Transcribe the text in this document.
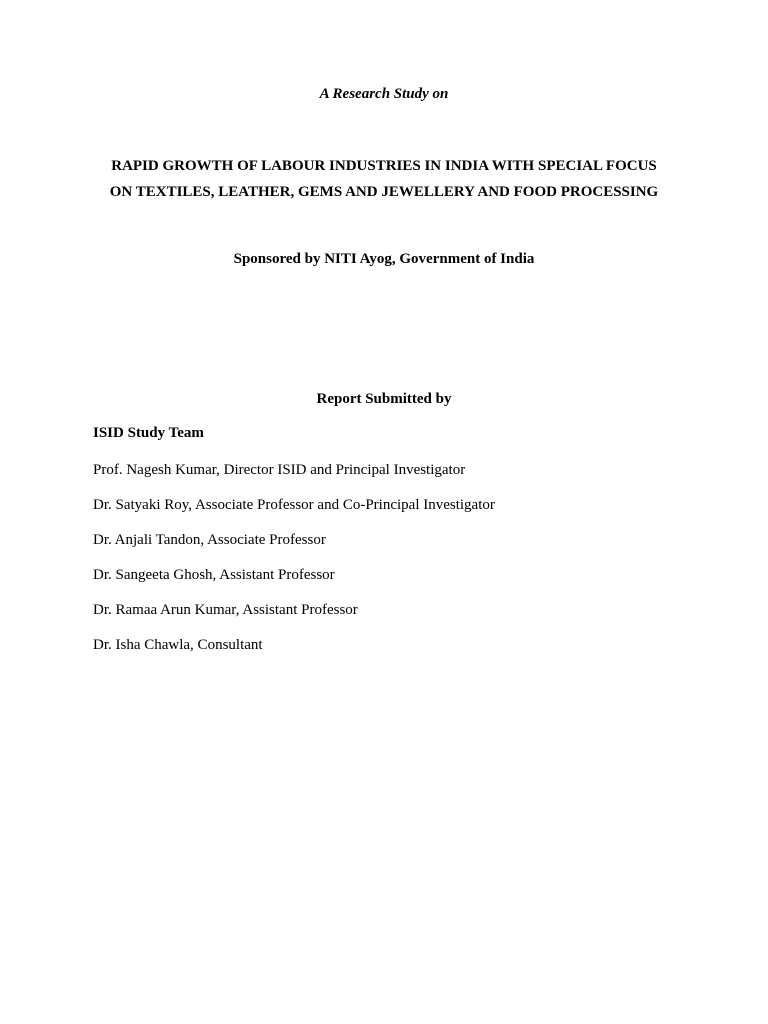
A Research Study on
RAPID GROWTH OF LABOUR INDUSTRIES IN INDIA WITH SPECIAL FOCUS
ON TEXTILES, LEATHER, GEMS AND JEWELLERY AND FOOD PROCESSING
Sponsored by NITI Ayog, Government of India
Report Submitted by
ISID Study Team
Prof. Nagesh Kumar, Director ISID and Principal Investigator
Dr. Satyaki Roy, Associate Professor and Co-Principal Investigator
Dr. Anjali Tandon, Associate Professor
Dr. Sangeeta Ghosh, Assistant Professor
Dr. Ramaa Arun Kumar, Assistant Professor
Dr. Isha Chawla, Consultant
